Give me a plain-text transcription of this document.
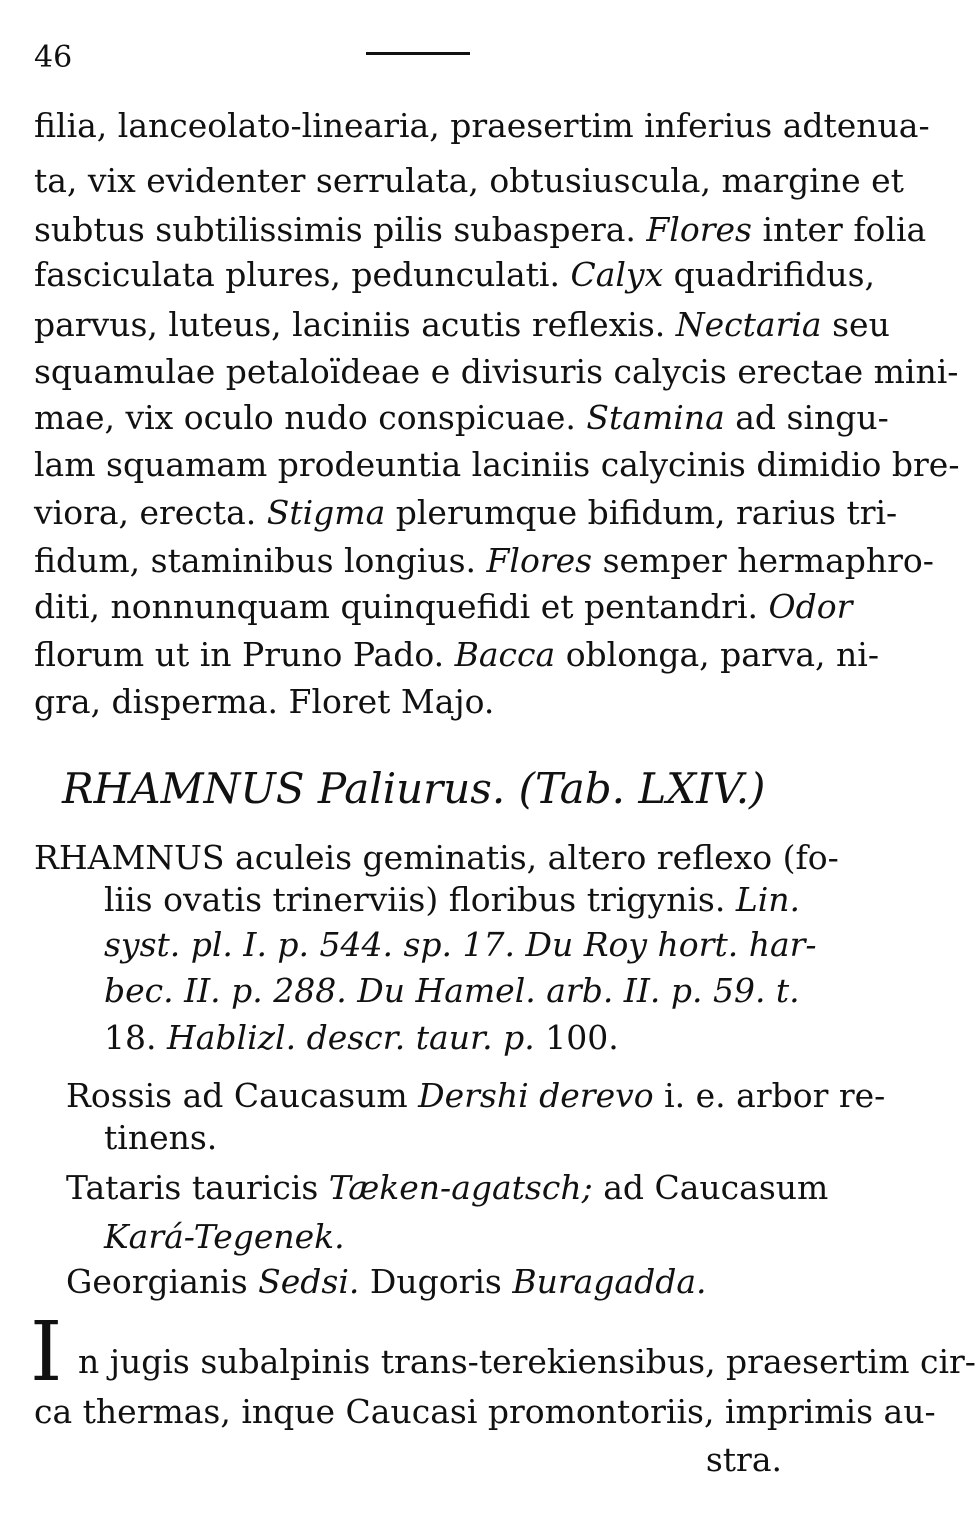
46
filia, lanceolato-linearia, praesertim inferius adtenua-
ta, vix evidenter serrulata, obtusiuscula, margine et
subtus subtilissimis pilis subaspera. Flores inter folia
fasciculata plures, pedunculati. Calyx quadrifidus,
parvus, luteus, laciniis acutis reflexis. Nectaria seu
squamulae petaloïdeae e divisuris calycis erectae mini-
mae, vix oculo nudo conspicuae. Stamina ad singu-
lam squamam prodeuntia laciniis calycinis dimidio bre-
viora, erecta. Stigma plerumque bifidum, rarius tri-
fidum, staminibus longius. Flores semper hermaphro-
diti, nonnunquam quinquefidi et pentandri. Odor
florum ut in Pruno Pado. Bacca oblonga, parva, ni-
gra, disperma. Floret Majo.
RHAMNUS Paliurus. (Tab. LXIV.)
RHAMNUS aculeis geminatis, altero reflexo (fo-
liis ovatis trinerviis) floribus trigynis. Lin.
syst. pl. I. p. 544. sp. 17. Du Roy hort. har-
bec. II. p. 288. Du Hamel. arb. II. p. 59. t.
18. Hablizl. descr. taur. p. 100.
Rossis ad Caucasum Dershi derevo i. e. arbor re-
tinens.
Tataris tauricis Tæken-agatsch; ad Caucasum
Kará-Tegenek.
Georgianis Sedsi. Dugoris Buragadda.
I n jugis subalpinis trans-terekiensibus, praesertim cir-
ca thermas, inque Caucasi promontoriis, imprimis au-
stra.
